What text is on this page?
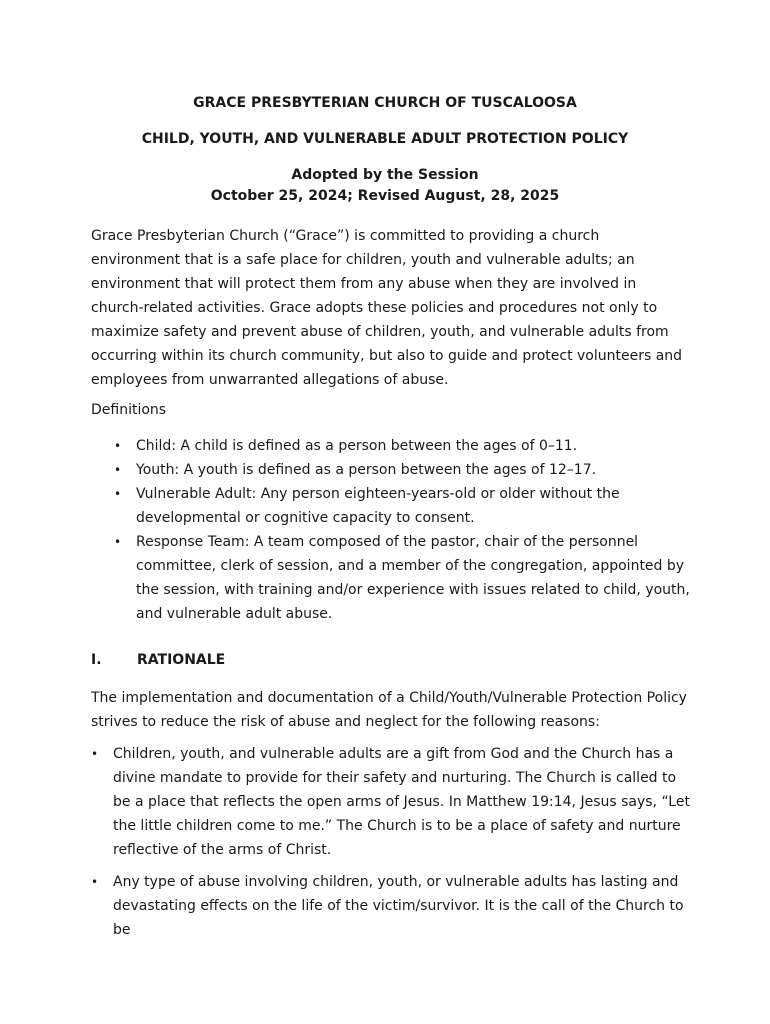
GRACE PRESBYTERIAN CHURCH OF TUSCALOOSA
CHILD, YOUTH, AND VULNERABLE ADULT PROTECTION POLICY
Adopted by the Session
October 25, 2024; Revised August, 28, 2025
Grace Presbyterian Church (“Grace”) is committed to providing a church environment that is a safe place for children, youth and vulnerable adults; an environment that will protect them from any abuse when they are involved in church-related activities. Grace adopts these policies and procedures not only to maximize safety and prevent abuse of children, youth, and vulnerable adults from occurring within its church community, but also to guide and protect volunteers and employees from unwarranted allegations of abuse.
Definitions
• Child: A child is defined as a person between the ages of 0–11.
• Youth: A youth is defined as a person between the ages of 12–17.
• Vulnerable Adult: Any person eighteen-years-old or older without the developmental or cognitive capacity to consent.
• Response Team: A team composed of the pastor, chair of the personnel committee, clerk of session, and a member of the congregation, appointed by the session, with training and/or experience with issues related to child, youth, and vulnerable adult abuse.
I.	RATIONALE
The implementation and documentation of a Child/Youth/Vulnerable Protection Policy strives to reduce the risk of abuse and neglect for the following reasons:
• Children, youth, and vulnerable adults are a gift from God and the Church has a divine mandate to provide for their safety and nurturing. The Church is called to be a place that reflects the open arms of Jesus. In Matthew 19:14, Jesus says, “Let the little children come to me.” The Church is to be a place of safety and nurture reflective of the arms of Christ.
• Any type of abuse involving children, youth, or vulnerable adults has lasting and devastating effects on the life of the victim/survivor. It is the call of the Church to be
